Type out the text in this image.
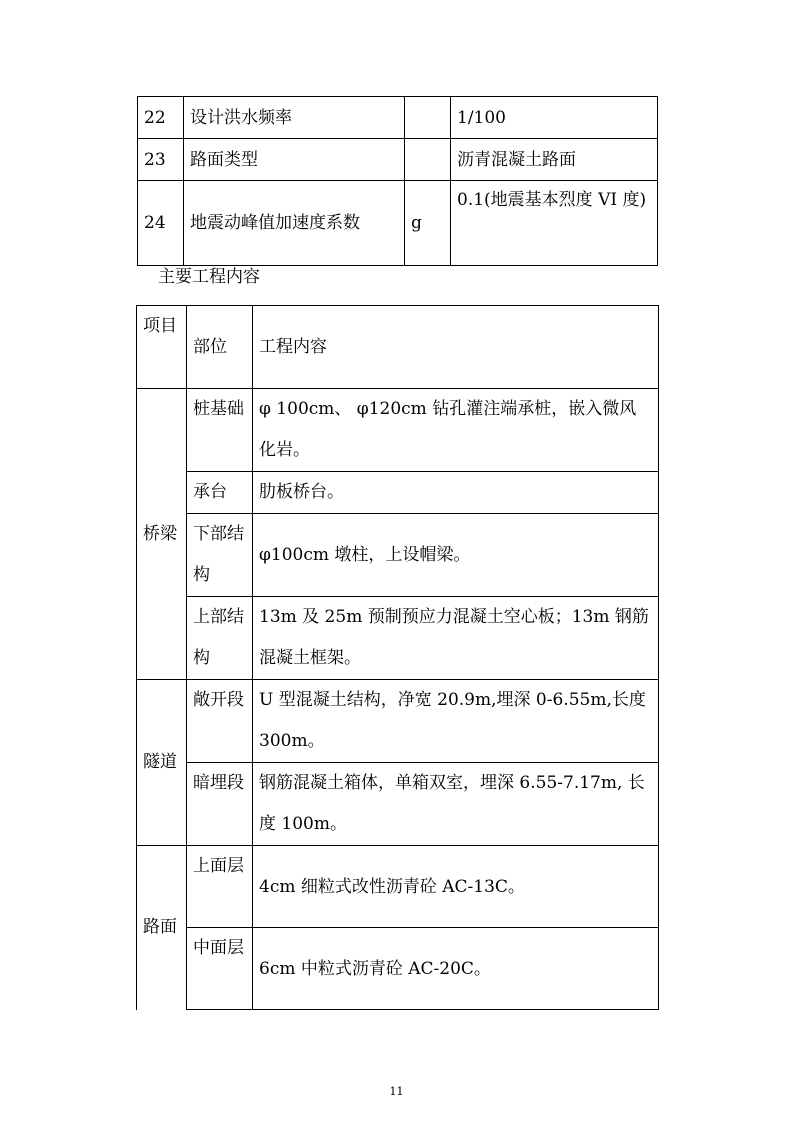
22	设计洪水频率		1/100
23	路面类型		沥青混凝土路面
24	地震动峰值加速度系数	g	0.1(地震基本烈度 VI 度)
主要工程内容
项目	部位	工程内容
桥梁	桩基础	φ 100cm、 φ120cm 钻孔灌注端承桩，嵌入微风化岩。
	承台	肋板桥台。
	下部结 构	φ100cm 墩柱，上设帽梁。
	上部结 构	13m 及 25m 预制预应力混凝土空心板；13m 钢筋混凝土框架。
隧道	敞开段	U 型混凝土结构，净宽 20.9m,埋深 0-6.55m,长度 300m。
	暗埋段	钢筋混凝土箱体，单箱双室，埋深 6.55-7.17m, 长度 100m。
路面	上面层	4cm 细粒式改性沥青砼 AC-13C。
	中面层	6cm 中粒式沥青砼 AC-20C。
11
